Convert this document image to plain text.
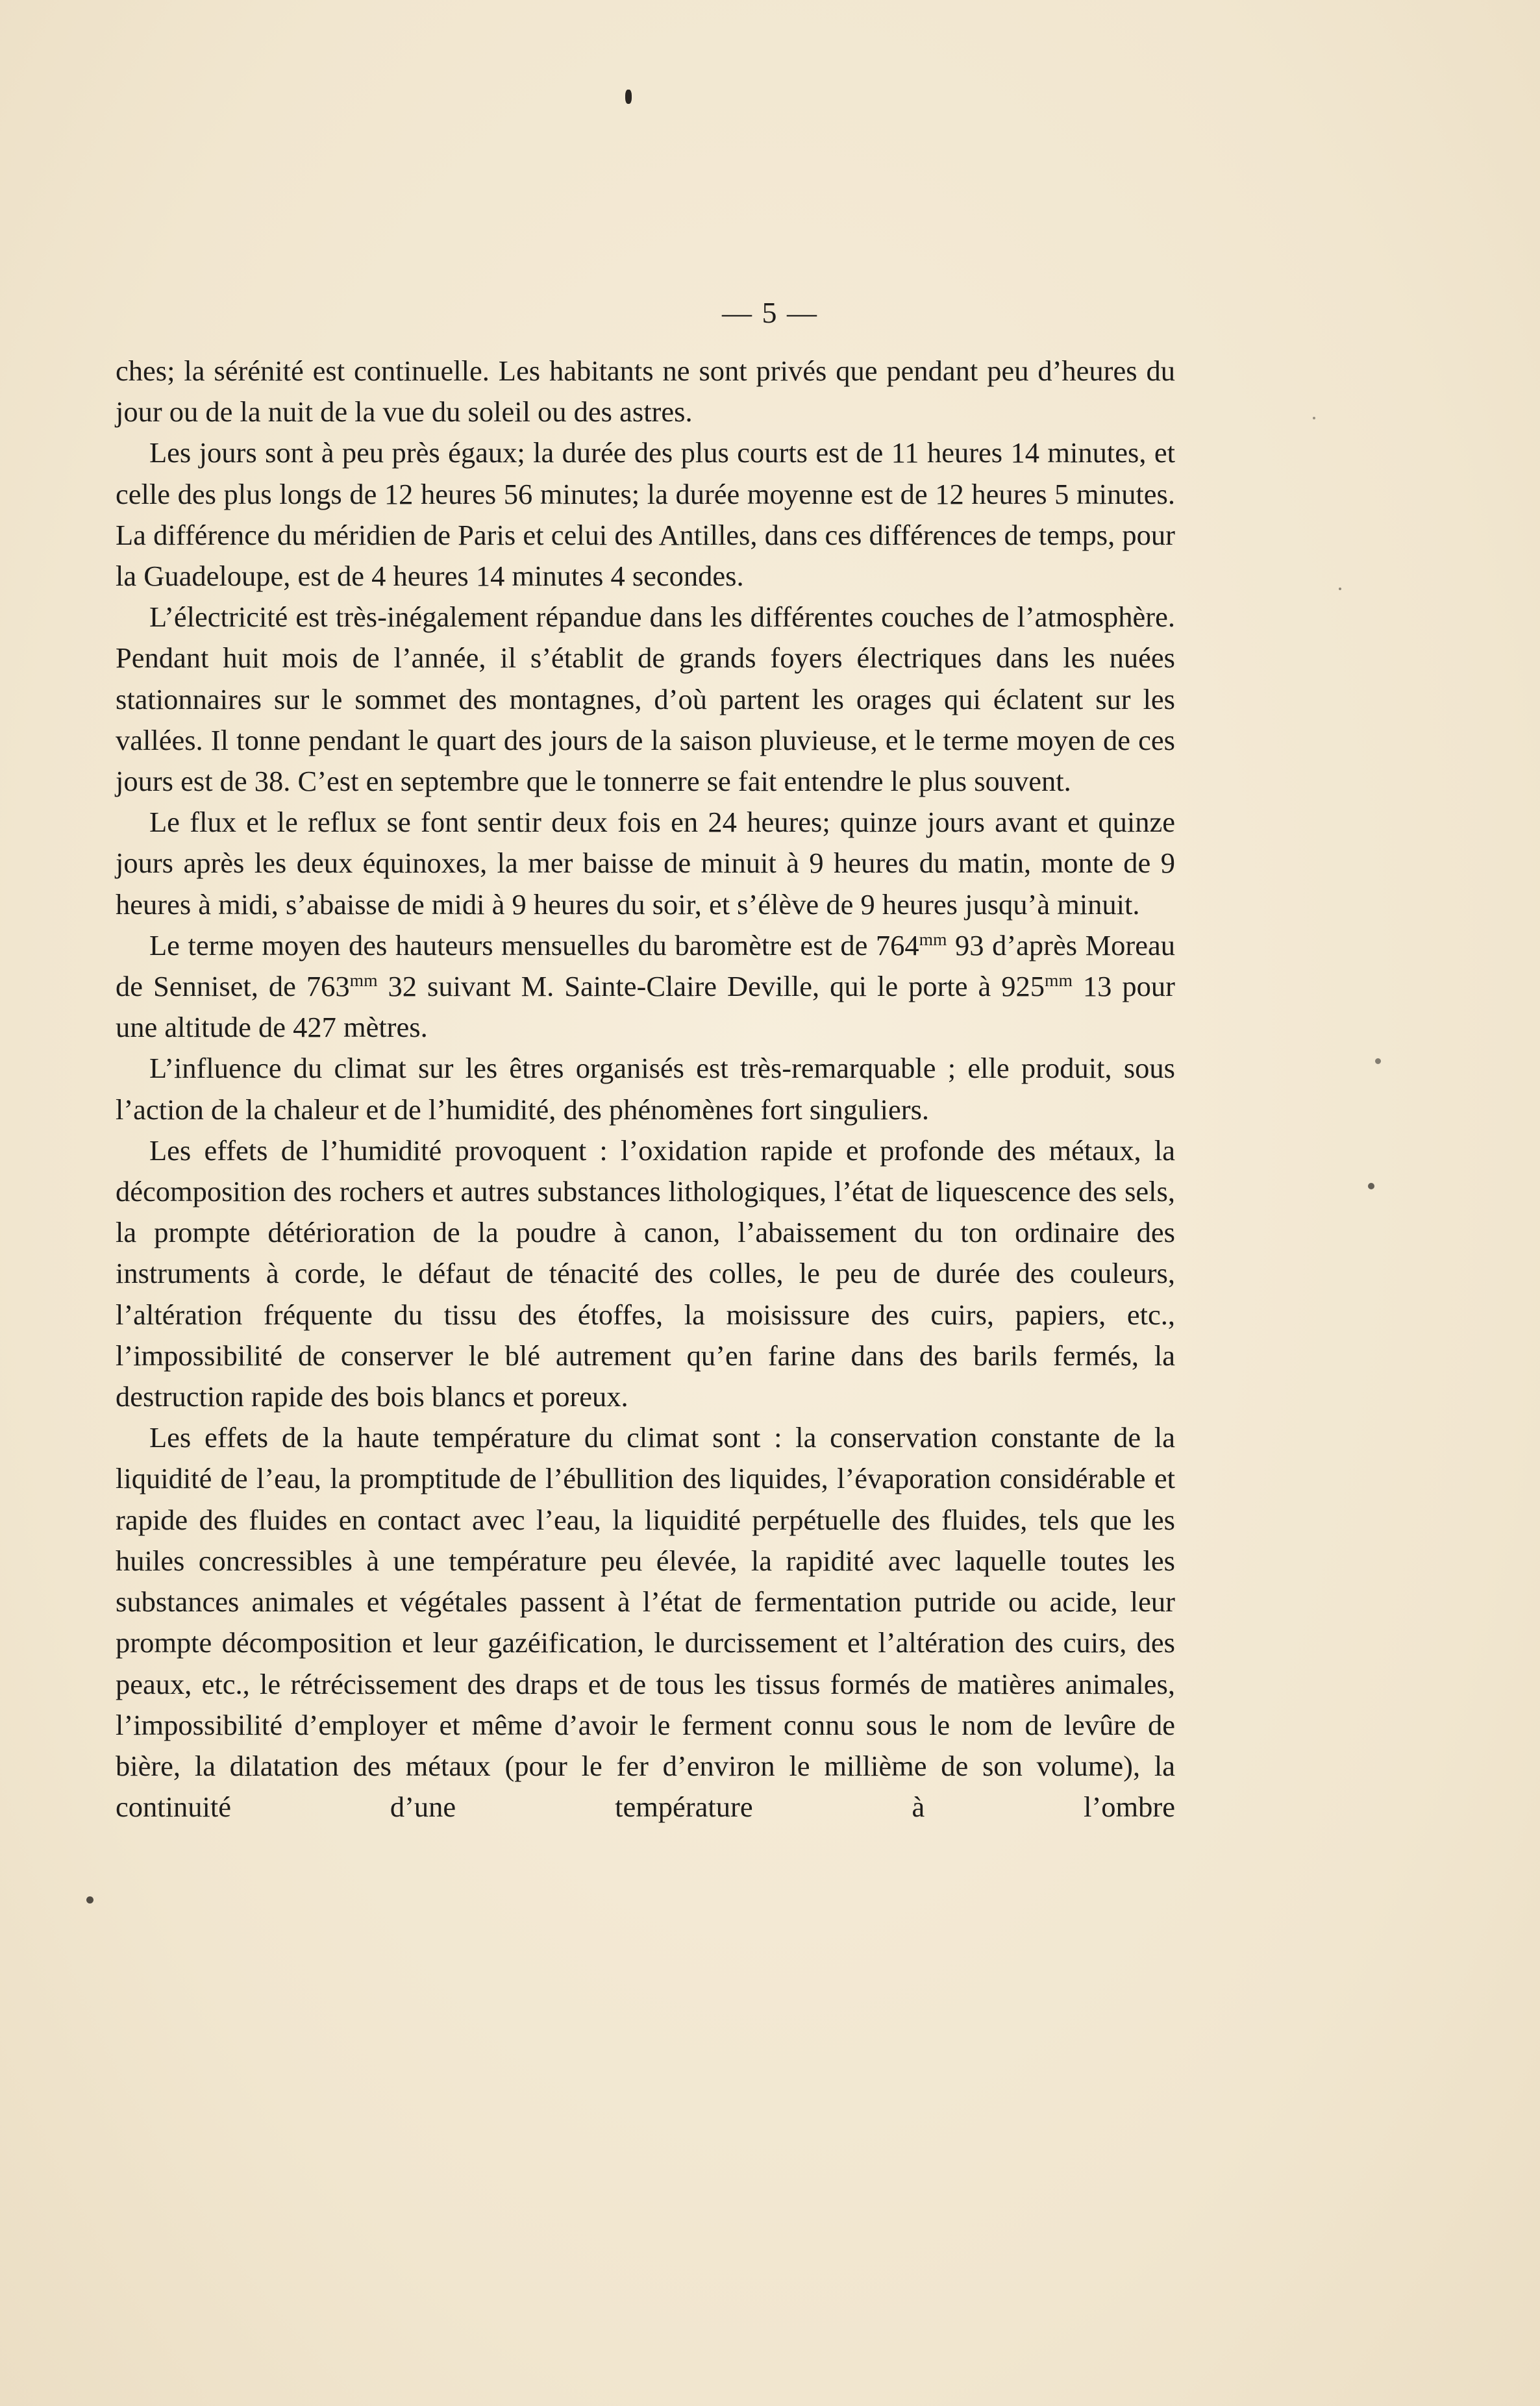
— 5 —

ches; la sérénité est continuelle. Les habitants ne sont privés que pendant peu d’heures du jour ou de la nuit de la vue du soleil ou des astres.

Les jours sont à peu près égaux; la durée des plus courts est de 11 heures 14 minutes, et celle des plus longs de 12 heures 56 minutes; la durée moyenne est de 12 heures 5 minutes. La différence du méridien de Paris et celui des Antilles, dans ces différences de temps, pour la Guadeloupe, est de 4 heures 14 minutes 4 secondes.

L’électricité est très-inégalement répandue dans les différentes couches de l’atmosphère. Pendant huit mois de l’année, il s’établit de grands foyers électriques dans les nuées stationnaires sur le sommet des montagnes, d’où partent les orages qui éclatent sur les vallées. Il tonne pendant le quart des jours de la saison pluvieuse, et le terme moyen de ces jours est de 38. C’est en septembre que le tonnerre se fait entendre le plus souvent.

Le flux et le reflux se font sentir deux fois en 24 heures; quinze jours avant et quinze jours après les deux équinoxes, la mer baisse de minuit à 9 heures du matin, monte de 9 heures à midi, s’abaisse de midi à 9 heures du soir, et s’élève de 9 heures jusqu’à minuit.

Le terme moyen des hauteurs mensuelles du baromètre est de $764^{mm}$ 93 d’après Moreau de Senniset, de $763^{mm}$ 32 suivant M. Sainte-Claire Deville, qui le porte à $925^{mm}$ 13 pour une altitude de 427 mètres.

L’influence du climat sur les êtres organisés est très-remarquable ; elle produit, sous l’action de la chaleur et de l’humidité, des phénomènes fort singuliers.

Les effets de l’humidité provoquent : l’oxidation rapide et profonde des métaux, la décomposition des rochers et autres substances lithologiques, l’état de liquescence des sels, la prompte détérioration de la poudre à canon, l’abaissement du ton ordinaire des instruments à corde, le défaut de ténacité des colles, le peu de durée des couleurs, l’altération fréquente du tissu des étoffes, la moisissure des cuirs, papiers, etc., l’impossibilité de conserver le blé autrement qu’en farine dans des barils fermés, la destruction rapide des bois blancs et poreux.

Les effets de la haute température du climat sont : la conservation constante de la liquidité de l’eau, la promptitude de l’ébullition des liquides, l’évaporation considérable et rapide des fluides en contact avec l’eau, la liquidité perpétuelle des fluides, tels que les huiles concressibles à une température peu élevée, la rapidité avec laquelle toutes les substances animales et végétales passent à l’état de fermentation putride ou acide, leur prompte décomposition et leur gazéification, le durcissement et l’altération des cuirs, des peaux, etc., le rétrécissement des draps et de tous les tissus formés de matières animales, l’impossibilité d’employer et même d’avoir le ferment connu sous le nom de levûre de bière, la dilatation des métaux (pour le fer d’environ le millième de son volume), la continuité d’une température à l’ombre
